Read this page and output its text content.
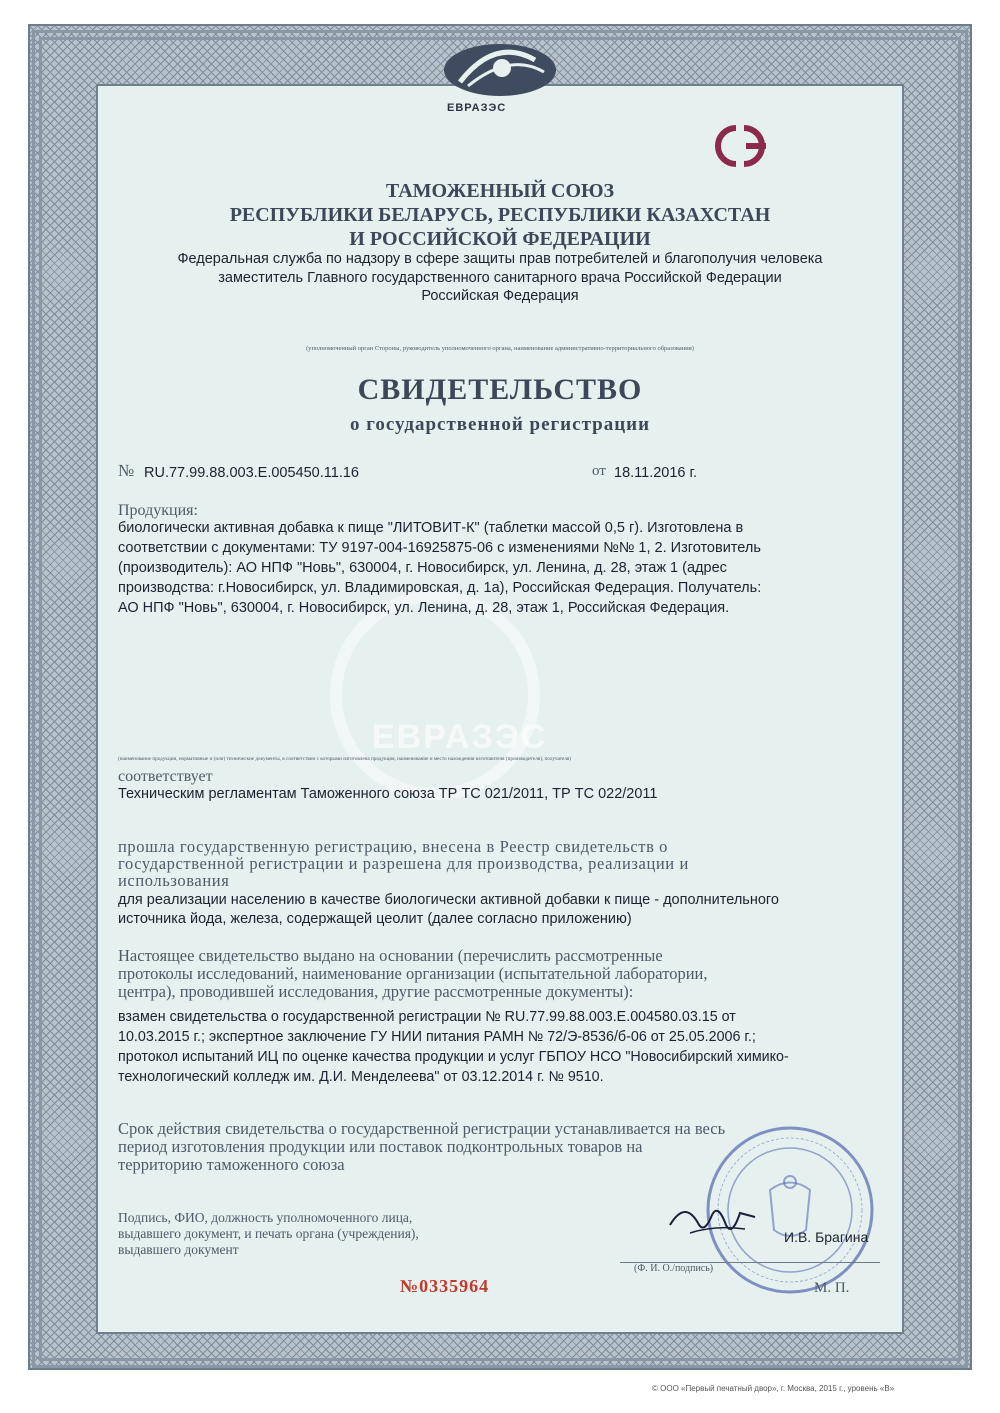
ЕВРАЗЭС
ЕВРАЗЭС
ТАМОЖЕННЫЙ СОЮЗ
РЕСПУБЛИКИ БЕЛАРУСЬ, РЕСПУБЛИКИ КАЗАХСТАН
И РОССИЙСКОЙ ФЕДЕРАЦИИ
Федеральная служба по надзору в сфере защиты прав потребителей и благополучия человека
заместитель Главного государственного санитарного врача Российской Федерации
Российская Федерация
(уполномоченный орган Стороны, руководитель уполномоченного органа, наименование административно-территориального образования)
СВИДЕТЕЛЬСТВО
о государственной регистрации
№ RU.77.99.88.003.E.005450.11.16	от 18.11.2016 г.
Продукция:
биологически активная добавка к пище "ЛИТОВИТ-К" (таблетки массой 0,5 г). Изготовлена в
соответствии с документами: ТУ 9197-004-16925875-06 с изменениями №№ 1, 2. Изготовитель
(производитель): АО НПФ "Новь", 630004, г. Новосибирск, ул. Ленина, д. 28, этаж 1 (адрес
производства: г.Новосибирск, ул. Владимировская, д. 1а), Российская Федерация. Получатель:
АО НПФ "Новь", 630004, г. Новосибирск, ул. Ленина, д. 28, этаж 1, Российская Федерация.
(наименование продукции, нормативные и (или) технические документы, в соответствии с которыми изготовлена продукция, наименование и место нахождения изготовителя (производителя), получателя)
соответствует
Техническим регламентам Таможенного союза ТР ТС 021/2011, ТР ТС 022/2011
прошла государственную регистрацию, внесена в Реестр свидетельств о
государственной регистрации и разрешена для производства, реализации и
использования
для реализации населению в качестве биологически активной добавки к пище - дополнительного
источника йода, железа, содержащей цеолит (далее согласно приложению)
Настоящее свидетельство выдано на основании (перечислить рассмотренные
протоколы исследований, наименование организации (испытательной лаборатории,
центра), проводившей исследования, другие рассмотренные документы):
взамен свидетельства о государственной регистрации № RU.77.99.88.003.E.004580.03.15 от
10.03.2015 г.; экспертное заключение ГУ НИИ питания РАМН № 72/Э-8536/б-06 от 25.05.2006 г.;
протокол испытаний ИЦ по оценке качества продукции и услуг ГБПОУ НСО "Новосибирский химико-
технологический колледж им. Д.И. Менделеева" от 03.12.2014 г. № 9510.
Срок действия свидетельства о государственной регистрации устанавливается на весь
период изготовления продукции или поставок подконтрольных товаров на
территорию таможенного союза
Подпись, ФИО, должность уполномоченного лица,
выдавшего документ, и печать органа (учреждения),
выдавшего документ
И.В. Брагина
(Ф. И. О./подпись)
М. П.
№0335964
© ООО «Первый печатный двор», г. Москва, 2015 г., уровень «В»
